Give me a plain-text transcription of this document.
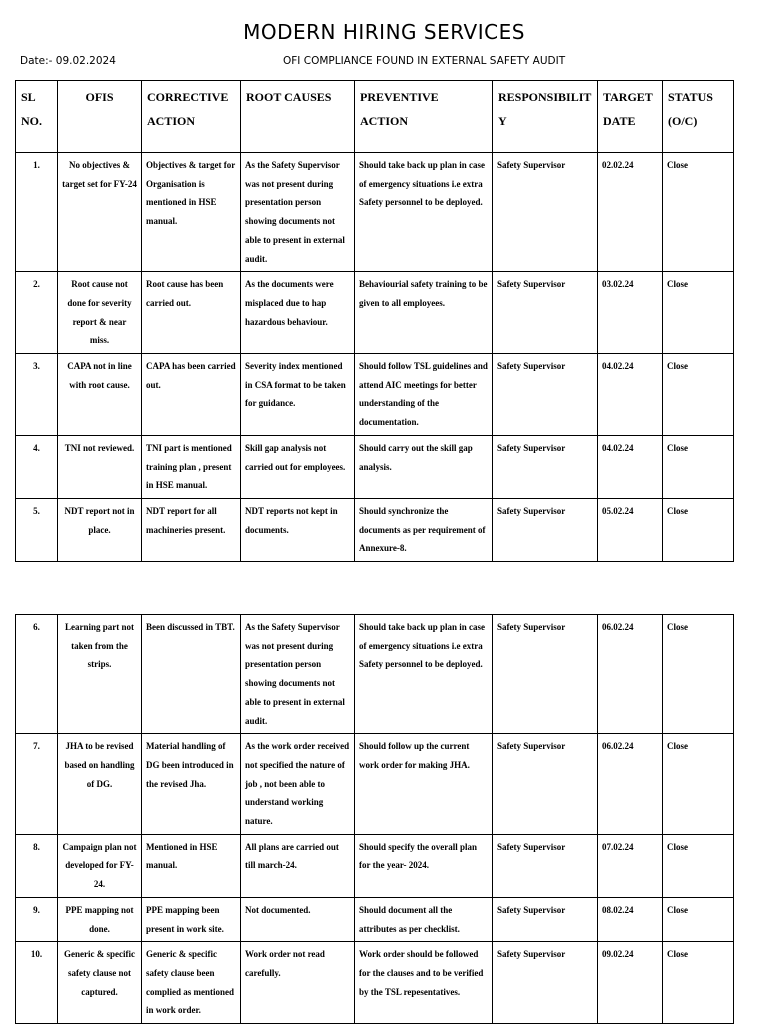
MODERN HIRING SERVICES
Date:- 09.02.2024	OFI COMPLIANCE FOUND IN EXTERNAL SAFETY AUDIT
SL NO.	OFIS	CORRECTIVE ACTION	ROOT CAUSES	PREVENTIVE ACTION	RESPONSIBILITY	TARGET DATE	STATUS (O/C)
1.	No objectives & target set for FY-24	Objectives & target for Organisation is mentioned in HSE manual.	As the Safety Supervisor was not present during presentation person showing documents not able to present in external audit.	Should take back up plan in case of emergency situations i.e extra Safety personnel to be deployed.	Safety Supervisor	02.02.24	Close
2.	Root cause not done for severity report & near miss.	Root cause has been carried out.	As the documents were misplaced due to hap hazardous behaviour.	Behaviourial safety training to be given to all employees.	Safety Supervisor	03.02.24	Close
3.	CAPA not in line with root cause.	CAPA has been carried out.	Severity index mentioned in CSA format to be taken for guidance.	Should follow TSL guidelines and attend AIC meetings for better understanding of the documentation.	Safety Supervisor	04.02.24	Close
4.	TNI not reviewed.	TNI part is mentioned training plan , present in HSE manual.	Skill gap analysis not carried out for employees.	Should carry out the skill gap analysis.	Safety Supervisor	04.02.24	Close
5.	NDT report not in place.	NDT report for all machineries present.	NDT reports not kept in documents.	Should synchronize the documents as per requirement of Annexure-8.	Safety Supervisor	05.02.24	Close
6.	Learning part not taken from the strips.	Been discussed in TBT.	As the Safety Supervisor was not present during presentation person showing documents not able to present in external audit.	Should take back up plan in case of emergency situations i.e extra Safety personnel to be deployed.	Safety Supervisor	06.02.24	Close
7.	JHA to be revised based on handling of DG.	Material handling of DG been introduced in the revised Jha.	As the work order received not specified the nature of job , not been able to understand working nature.	Should follow up the current work order for making JHA.	Safety Supervisor	06.02.24	Close
8.	Campaign plan not developed for FY-24.	Mentioned in HSE manual.	All plans are carried out till march-24.	Should specify the overall plan for the year- 2024.	Safety Supervisor	07.02.24	Close
9.	PPE mapping not done.	PPE mapping been present in work site.	Not documented.	Should document all the attributes as per checklist.	Safety Supervisor	08.02.24	Close
10.	Generic & specific safety clause not captured.	Generic & specific safety clause been complied as mentioned in work order.	Work order not read carefully.	Work order should be followed for the clauses and to be verified by the TSL repesentatives.	Safety Supervisor	09.02.24	Close
